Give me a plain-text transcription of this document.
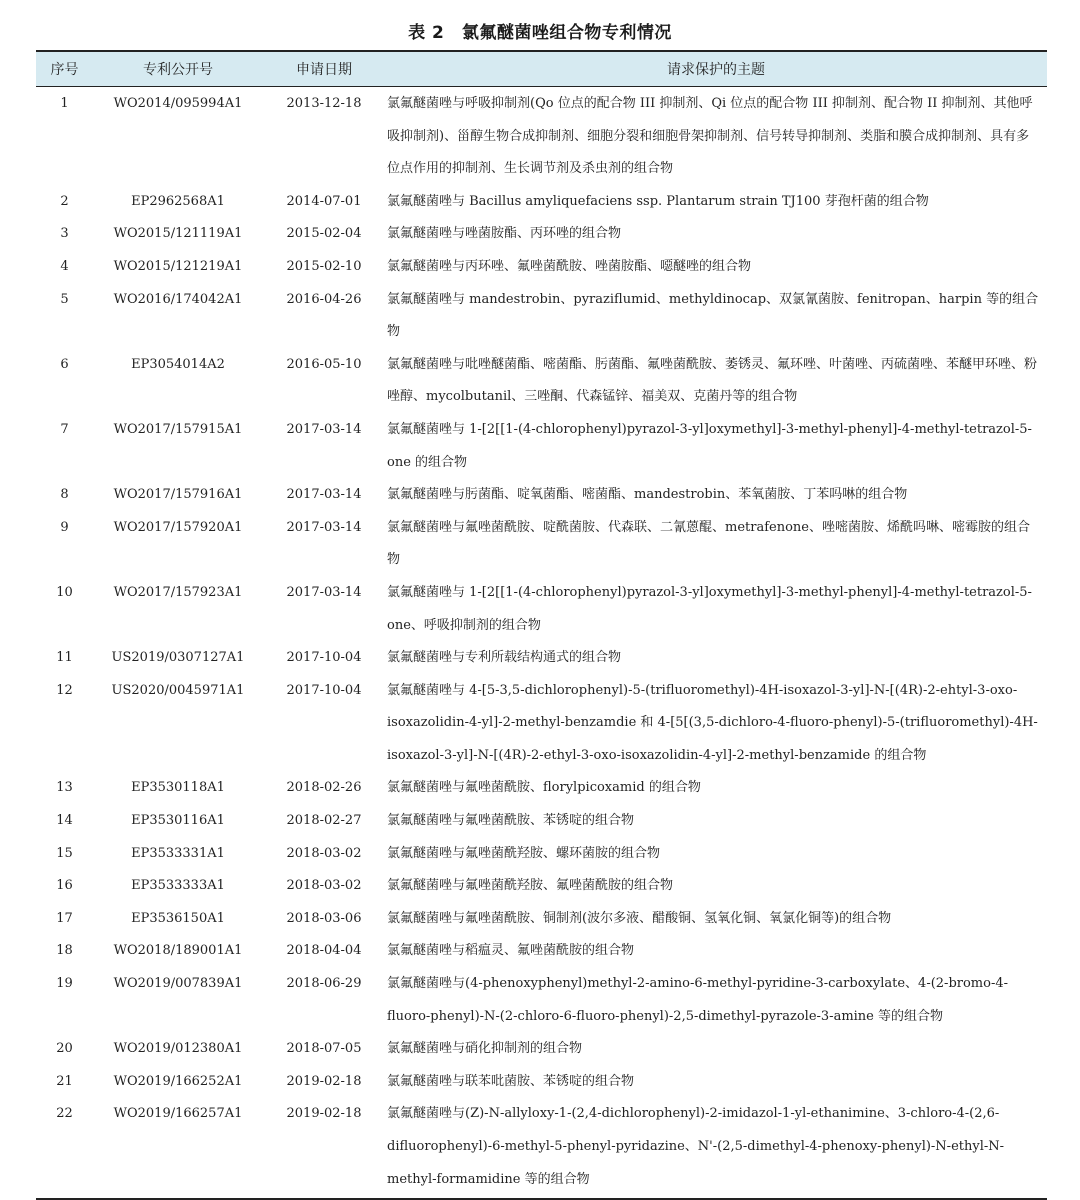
表 2　氯氟醚菌唑组合物专利情况
序号	专利公开号	申请日期	请求保护的主题
1	WO2014/095994A1	2013-12-18	氯氟醚菌唑与呼吸抑制剂(Qo 位点的配合物 III 抑制剂、Qi 位点的配合物 III 抑制剂、配合物 II 抑制剂、其他呼吸抑制剂)、甾醇生物合成抑制剂、细胞分裂和细胞骨架抑制剂、信号转导抑制剂、类脂和膜合成抑制剂、具有多位点作用的抑制剂、生长调节剂及杀虫剂的组合物
2	EP2962568A1	2014-07-01	氯氟醚菌唑与 Bacillus amyliquefaciens ssp. Plantarum strain TJ100 芽孢杆菌的组合物
3	WO2015/121119A1	2015-02-04	氯氟醚菌唑与唑菌胺酯、丙环唑的组合物
4	WO2015/121219A1	2015-02-10	氯氟醚菌唑与丙环唑、氟唑菌酰胺、唑菌胺酯、噁醚唑的组合物
5	WO2016/174042A1	2016-04-26	氯氟醚菌唑与 mandestrobin、pyraziflumid、methyldinocap、双氯氰菌胺、fenitropan、harpin 等的组合物
6	EP3054014A2	2016-05-10	氯氟醚菌唑与吡唑醚菌酯、嘧菌酯、肟菌酯、氟唑菌酰胺、萎锈灵、氟环唑、叶菌唑、丙硫菌唑、苯醚甲环唑、粉唑醇、mycolbutanil、三唑酮、代森锰锌、福美双、克菌丹等的组合物
7	WO2017/157915A1	2017-03-14	氯氟醚菌唑与 1-[2[[1-(4-chlorophenyl)pyrazol-3-yl]oxymethyl]-3-methyl-phenyl]-4-methyl-tetrazol-5-one 的组合物
8	WO2017/157916A1	2017-03-14	氯氟醚菌唑与肟菌酯、啶氧菌酯、嘧菌酯、mandestrobin、苯氧菌胺、丁苯吗啉的组合物
9	WO2017/157920A1	2017-03-14	氯氟醚菌唑与氟唑菌酰胺、啶酰菌胺、代森联、二氰蒽醌、metrafenone、唑嘧菌胺、烯酰吗啉、嘧霉胺的组合物
10	WO2017/157923A1	2017-03-14	氯氟醚菌唑与 1-[2[[1-(4-chlorophenyl)pyrazol-3-yl]oxymethyl]-3-methyl-phenyl]-4-methyl-tetrazol-5-one、呼吸抑制剂的组合物
11	US2019/0307127A1	2017-10-04	氯氟醚菌唑与专利所载结构通式的组合物
12	US2020/0045971A1	2017-10-04	氯氟醚菌唑与 4-[5-3,5-dichlorophenyl)-5-(trifluoromethyl)-4H-isoxazol-3-yl]-N-[(4R)-2-ehtyl-3-oxo-isoxazolidin-4-yl]-2-methyl-benzamdie 和 4-[5[(3,5-dichloro-4-fluoro-phenyl)-5-(trifluoromethyl)-4H-isoxazol-3-yl]-N-[(4R)-2-ethyl-3-oxo-isoxazolidin-4-yl]-2-methyl-benzamide 的组合物
13	EP3530118A1	2018-02-26	氯氟醚菌唑与氟唑菌酰胺、florylpicoxamid 的组合物
14	EP3530116A1	2018-02-27	氯氟醚菌唑与氟唑菌酰胺、苯锈啶的组合物
15	EP3533331A1	2018-03-02	氯氟醚菌唑与氟唑菌酰羟胺、螺环菌胺的组合物
16	EP3533333A1	2018-03-02	氯氟醚菌唑与氟唑菌酰羟胺、氟唑菌酰胺的组合物
17	EP3536150A1	2018-03-06	氯氟醚菌唑与氟唑菌酰胺、铜制剂(波尔多液、醋酸铜、氢氧化铜、氧氯化铜等)的组合物
18	WO2018/189001A1	2018-04-04	氯氟醚菌唑与稻瘟灵、氟唑菌酰胺的组合物
19	WO2019/007839A1	2018-06-29	氯氟醚菌唑与(4-phenoxyphenyl)methyl-2-amino-6-methyl-pyridine-3-carboxylate、4-(2-bromo-4-fluoro-phenyl)-N-(2-chloro-6-fluoro-phenyl)-2,5-dimethyl-pyrazole-3-amine 等的组合物
20	WO2019/012380A1	2018-07-05	氯氟醚菌唑与硝化抑制剂的组合物
21	WO2019/166252A1	2019-02-18	氯氟醚菌唑与联苯吡菌胺、苯锈啶的组合物
22	WO2019/166257A1	2019-02-18	氯氟醚菌唑与(Z)-N-allyloxy-1-(2,4-dichlorophenyl)-2-imidazol-1-yl-ethanimine、3-chloro-4-(2,6-difluorophenyl)-6-methyl-5-phenyl-pyridazine、N'-(2,5-dimethyl-4-phenoxy-phenyl)-N-ethyl-N-methyl-formamidine 等的组合物
